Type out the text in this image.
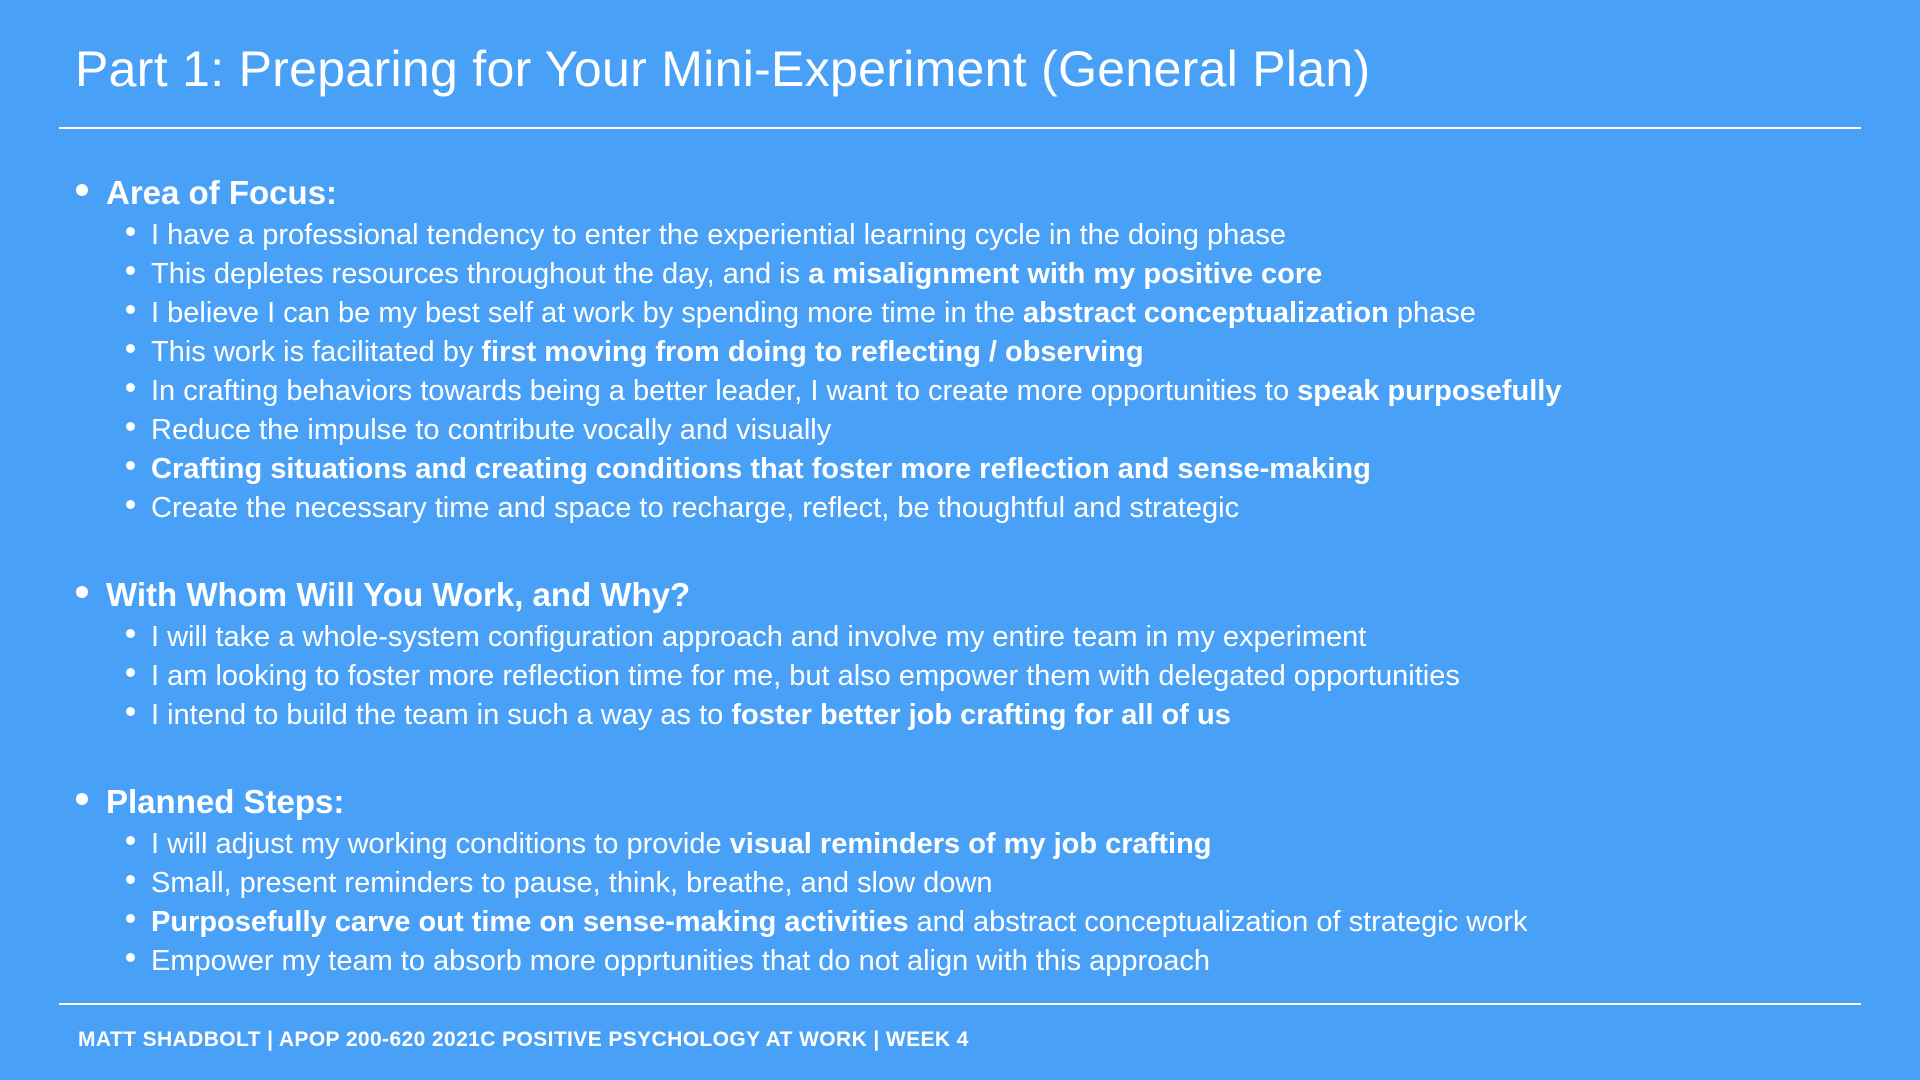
Part 1: Preparing for Your Mini-Experiment (General Plan)
Area of Focus:
I have a professional tendency to enter the experiential learning cycle in the doing phase
This depletes resources throughout the day, and is a misalignment with my positive core
I believe I can be my best self at work by spending more time in the abstract conceptualization phase
This work is facilitated by first moving from doing to reflecting / observing
In crafting behaviors towards being a better leader, I want to create more opportunities to speak purposefully
Reduce the impulse to contribute vocally and visually
Crafting situations and creating conditions that foster more reflection and sense-making
Create the necessary time and space to recharge, reflect, be thoughtful and strategic
With Whom Will You Work, and Why?
I will take a whole-system configuration approach and involve my entire team in my experiment
I am looking to foster more reflection time for me, but also empower them with delegated opportunities
I intend to build the team in such a way as to foster better job crafting for all of us
Planned Steps:
I will adjust my working conditions to provide visual reminders of my job crafting
Small, present reminders to pause, think, breathe, and slow down
Purposefully carve out time on sense-making activities and abstract conceptualization of strategic work
Empower my team to absorb more opprtunities that do not align with this approach
MATT SHADBOLT | APOP 200-620 2021C POSITIVE PSYCHOLOGY AT WORK | WEEK 4
